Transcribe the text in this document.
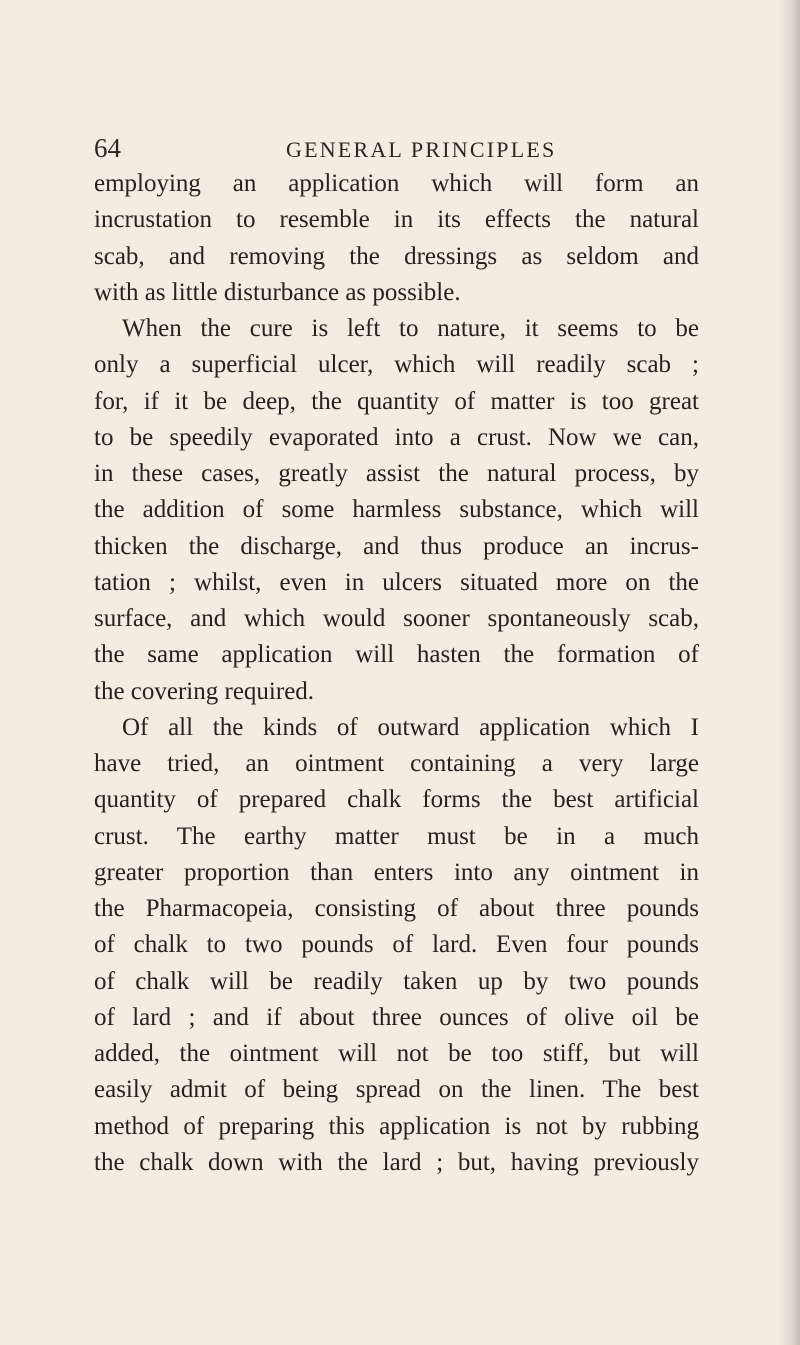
64	GENERAL PRINCIPLES
employing an application which will form an
incrustation to resemble in its effects the natural
scab, and removing the dressings as seldom and
with as little disturbance as possible.
When the cure is left to nature, it seems to be
only a superficial ulcer, which will readily scab ;
for, if it be deep, the quantity of matter is too great
to be speedily evaporated into a crust. Now we can,
in these cases, greatly assist the natural process, by
the addition of some harmless substance, which will
thicken the discharge, and thus produce an incrus-
tation ; whilst, even in ulcers situated more on the
surface, and which would sooner spontaneously scab,
the same application will hasten the formation of
the covering required.
Of all the kinds of outward application which I
have tried, an ointment containing a very large
quantity of prepared chalk forms the best artificial
crust. The earthy matter must be in a much
greater proportion than enters into any ointment in
the Pharmacopeia, consisting of about three pounds
of chalk to two pounds of lard. Even four pounds
of chalk will be readily taken up by two pounds
of lard ; and if about three ounces of olive oil be
added, the ointment will not be too stiff, but will
easily admit of being spread on the linen. The best
method of preparing this application is not by rubbing
the chalk down with the lard ; but, having previously
